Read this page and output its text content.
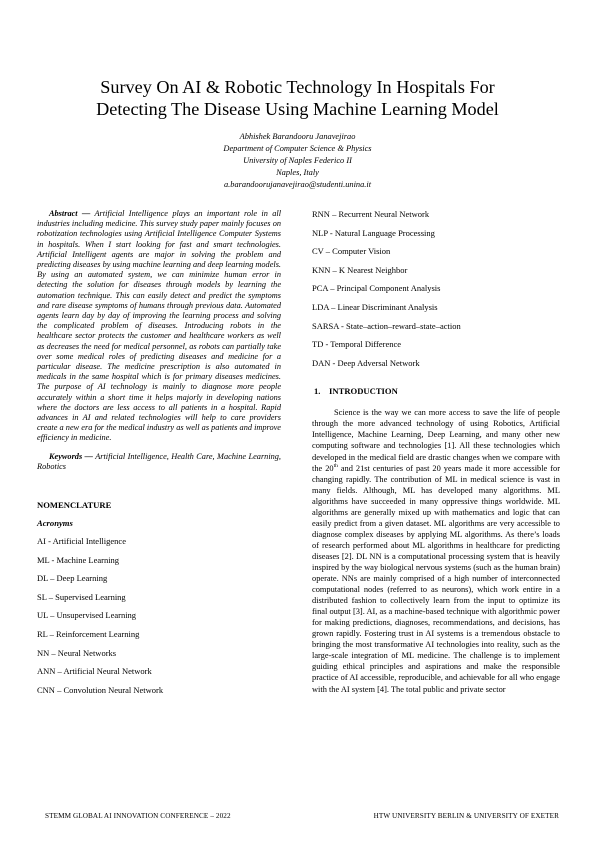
Survey On AI & Robotic Technology In Hospitals For
Detecting The Disease Using Machine Learning Model
Abhishek Barandooru Janavejirao
Department of Computer Science & Physics
University of Naples Federico II
Naples, Italy
a.barandoorujanavejirao@studenti.unina.it

Abstract — Artificial Intelligence plays an important role in all industries including medicine. This survey study paper mainly focuses on robotization technologies using Artificial Intelligence Computer Systems in hospitals. When I start looking for fast and smart technologies. Artificial Intelligent agents are major in solving the problem and predicting diseases by using machine learning and deep learning models. By using an automated system, we can minimize human error in detecting the solution for diseases through models by learning the automation technique. This can easily detect and predict the symptoms and rare disease symptoms of humans through previous data. Automated agents learn day by day of improving the learning process and solving the complicated problem of diseases. Introducing robots in the healthcare sector protects the customer and healthcare workers as well as decreases the need for medical personnel, as robots can partially take over some medical roles of predicting diseases and medicine for a particular disease. The medicine prescription is also automated in medicals in the same hospital which is for primary diseases medicines. The purpose of AI technology is mainly to diagnose more people accurately within a short time it helps majorly in developing nations where the doctors are less access to all patients in a hospital. Rapid advances in AI and related technologies will help to care providers create a new era for the medical industry as well as patients and improve efficiency in medicine.

Keywords — Artificial Intelligence, Health Care, Machine Learning, Robotics

NOMENCLATURE

Acronyms

AI - Artificial Intelligence

ML - Machine Learning

DL – Deep Learning

SL – Supervised Learning

UL – Unsupervised Learning

RL – Reinforcement Learning

NN – Neural Networks

ANN – Artificial Neural Network

CNN – Convolution Neural Network

RNN – Recurrent Neural Network

NLP - Natural Language Processing

CV – Computer Vision

KNN – K Nearest Neighbor

PCA – Principal Component Analysis

LDA – Linear Discriminant Analysis

SARSA - State–action–reward–state–action

TD - Temporal Difference

DAN - Deep Adversal Network

1.    INTRODUCTION

Science is the way we can more access to save the life of people through the more advanced technology of using Robotics, Artificial Intelligence, Machine Learning, Deep Learning, and many other new computing software and technologies [1]. All these technologies which developed in the medical field are drastic changes when we compare with the 20th and 21st centuries of past 20 years made it more accessible for changing rapidly. The contribution of ML in medical science is vast in many fields. Although, ML has developed many algorithms. ML algorithms have succeeded in many oppressive things worldwide. ML algorithms are generally mixed up with mathematics and logic that can easily predict from a given dataset. ML algorithms are very accessible to diagnose complex diseases by applying ML algorithms. As there’s loads of research performed about ML algorithms in healthcare for predicting diseases [2]. DL NN is a computational processing system that is heavily inspired by the way biological nervous systems (such as the human brain) operate. NNs are mainly comprised of a high number of interconnected computational nodes (referred to as neurons), which work entire in a distributed fashion to collectively learn from the input to optimize its final output [3]. AI, as a machine-based technique with algorithmic power for making predictions, diagnoses, recommendations, and decisions, has grown rapidly. Fostering trust in AI systems is a tremendous obstacle to bringing the most transformative AI technologies into reality, such as the large-scale integration of ML medicine. The challenge is to implement guiding ethical principles and aspirations and make the responsible practice of AI accessible, reproducible, and achievable for all who engage with the AI system [4]. The total public and private sector

STEMM GLOBAL AI INNOVATION CONFERENCE – 2022	HTW UNIVERSITY BERLIN & UNIVERSITY OF EXETER
